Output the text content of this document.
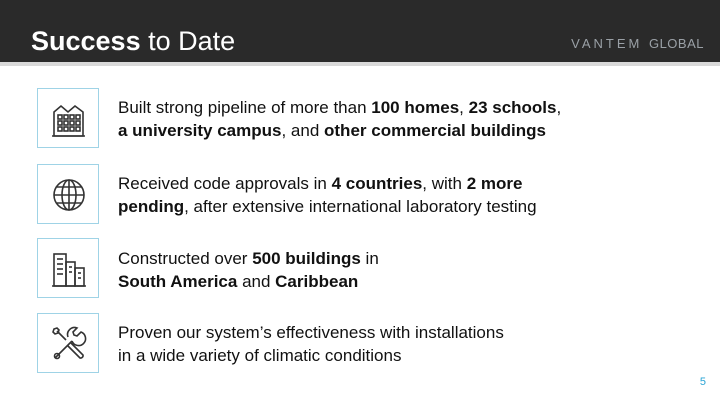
Success to Date	VANTEM GLOBAL
Built strong pipeline of more than 100 homes, 23 schools,
a university campus, and other commercial buildings
Received code approvals in 4 countries, with 2 more
pending, after extensive international laboratory testing
Constructed over 500 buildings in
South America and Caribbean
Proven our system’s effectiveness with installations
in a wide variety of climatic conditions
5
